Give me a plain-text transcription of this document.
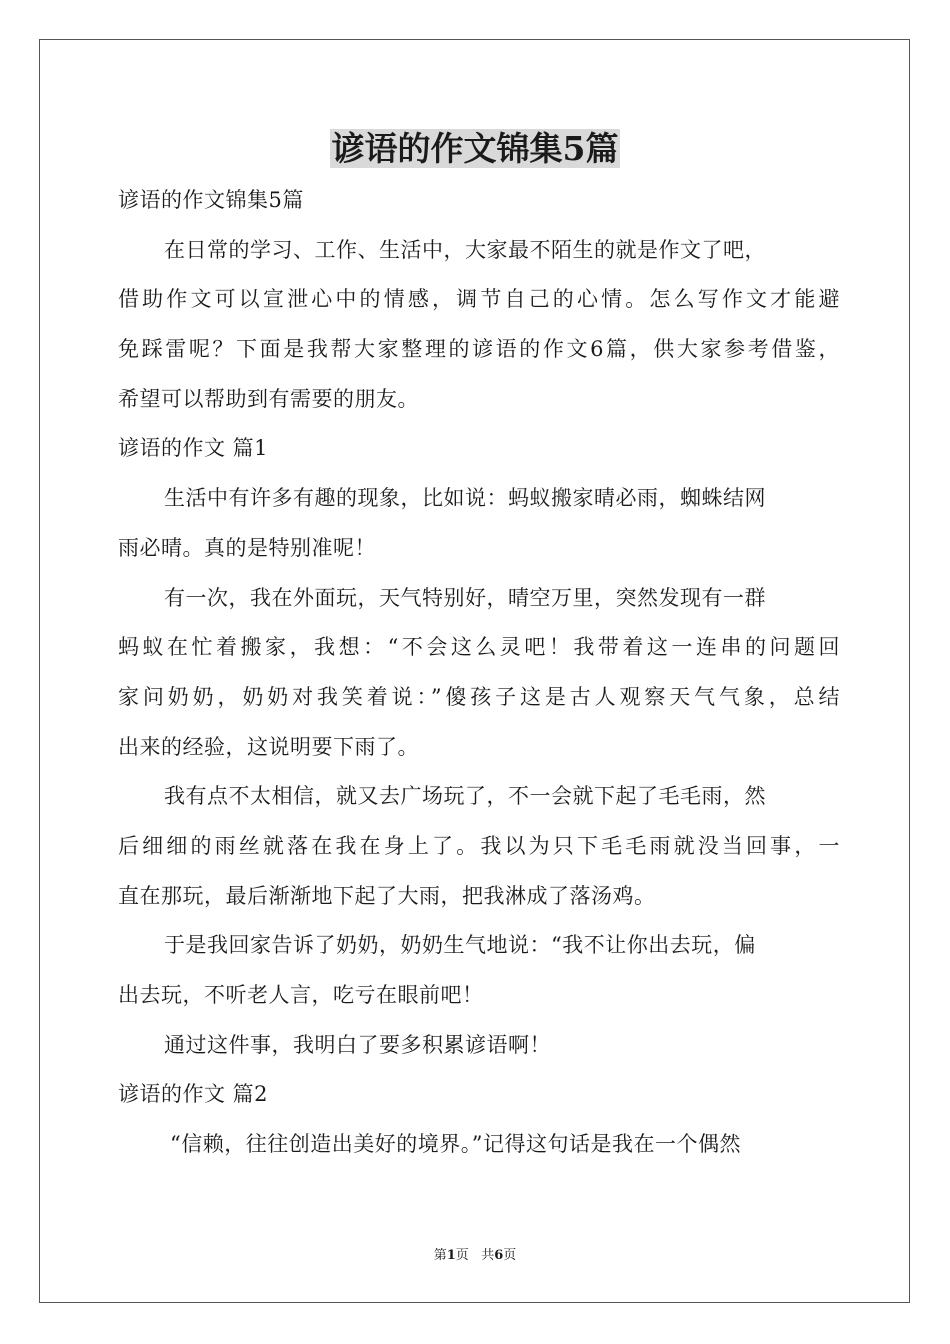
谚语的作文锦集5篇
谚语的作文锦集5篇
在日常的学习、工作、生活中，大家最不陌生的就是作文了吧，
借助作文可以宣泄心中的情感，调节自己的心情。怎么写作文才能避
免踩雷呢？下面是我帮大家整理的谚语的作文6篇，供大家参考借鉴，
希望可以帮助到有需要的朋友。
谚语的作文 篇1
生活中有许多有趣的现象，比如说：蚂蚁搬家晴必雨，蜘蛛结网
雨必晴。真的是特别准呢！
有一次，我在外面玩，天气特别好，晴空万里，突然发现有一群
蚂蚁在忙着搬家，我想：“不会这么灵吧！我带着这一连串的问题回
家问奶奶，奶奶对我笑着说：”傻孩子这是古人观察天气气象，总结
出来的经验，这说明要下雨了。
我有点不太相信，就又去广场玩了，不一会就下起了毛毛雨，然
后细细的雨丝就落在我在身上了。我以为只下毛毛雨就没当回事，一
直在那玩，最后渐渐地下起了大雨，把我淋成了落汤鸡。
于是我回家告诉了奶奶，奶奶生气地说：“我不让你出去玩，偏
出去玩，不听老人言，吃亏在眼前吧！
通过这件事，我明白了要多积累谚语啊！
谚语的作文 篇2
“信赖，往往创造出美好的境界。”记得这句话是我在一个偶然
第1页 共6页
